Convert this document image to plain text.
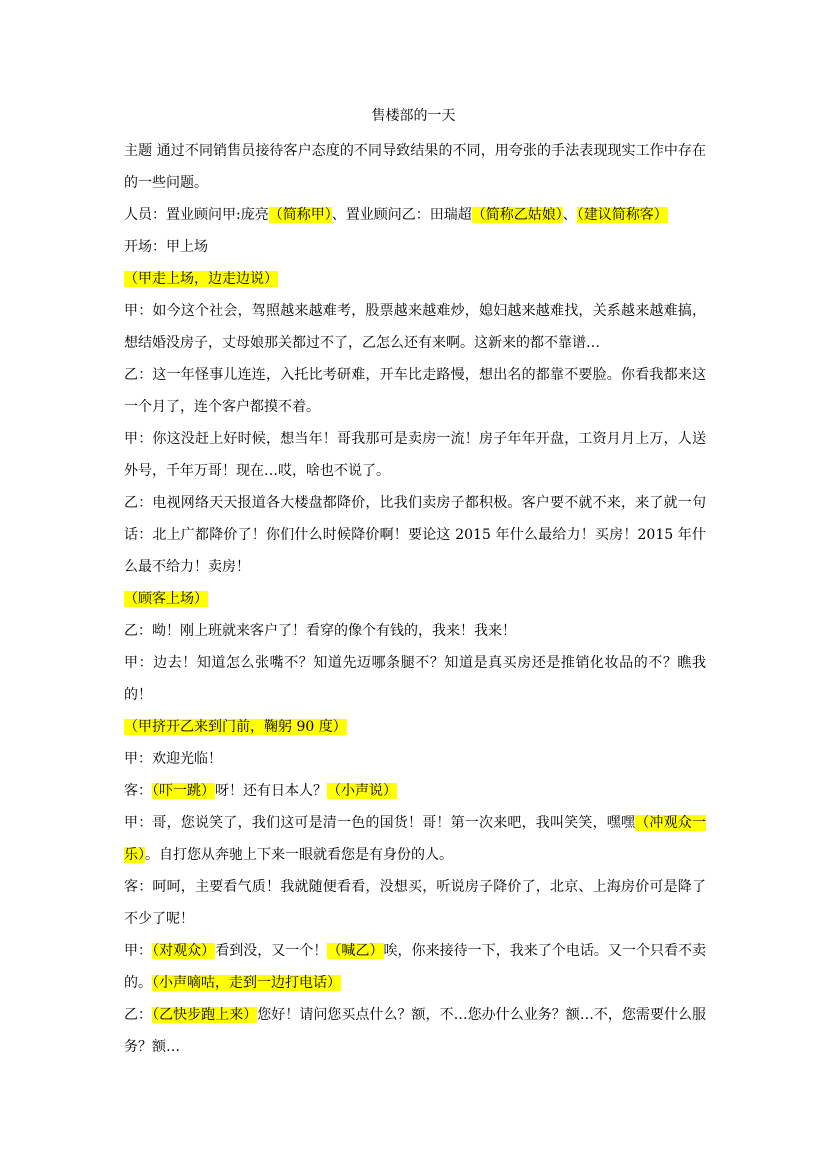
售楼部的一天

主题 通过不同销售员接待客户态度的不同导致结果的不同，用夸张的手法表现现实工作中存在的一些问题。

人员：置业顾问甲:庞亮（简称甲）、置业顾问乙：田瑞超（简称乙姑娘）、（建议简称客）

开场：甲上场

（甲走上场，边走边说）

甲：如今这个社会，驾照越来越难考，股票越来越难炒，媳妇越来越难找，关系越来越难搞，想结婚没房子，丈母娘那关都过不了，乙怎么还有来啊。这新来的都不靠谱…

乙：这一年怪事儿连连，入托比考研难，开车比走路慢，想出名的都靠不要脸。你看我都来这一个月了，连个客户都摸不着。

甲：你这没赶上好时候，想当年！哥我那可是卖房一流！房子年年开盘，工资月月上万，人送外号，千年万哥！现在…哎，啥也不说了。

乙：电视网络天天报道各大楼盘都降价，比我们卖房子都积极。客户要不就不来，来了就一句话：北上广都降价了！你们什么时候降价啊！要论这 2015 年什么最给力！买房！2015 年什么最不给力！卖房！

（顾客上场）

乙：呦！刚上班就来客户了！看穿的像个有钱的，我来！我来！

甲：边去！知道怎么张嘴不？知道先迈哪条腿不？知道是真买房还是推销化妆品的不？瞧我的！

（甲挤开乙来到门前，鞠躬 90 度）

甲：欢迎光临！

客：（吓一跳）呀！还有日本人？（小声说）

甲：哥，您说笑了，我们这可是清一色的国货！哥！第一次来吧，我叫笑笑，嘿嘿（冲观众一乐）。自打您从奔驰上下来一眼就看您是有身份的人。

客：呵呵，主要看气质！我就随便看看，没想买，听说房子降价了，北京、上海房价可是降了不少了呢！

甲：（对观众）看到没，又一个！（喊乙）唉，你来接待一下，我来了个电话。又一个只看不卖的。（小声嘀咕，走到一边打电话）

乙：（乙快步跑上来）您好！请问您买点什么？额，不…您办什么业务？额…不，您需要什么服务？额…
